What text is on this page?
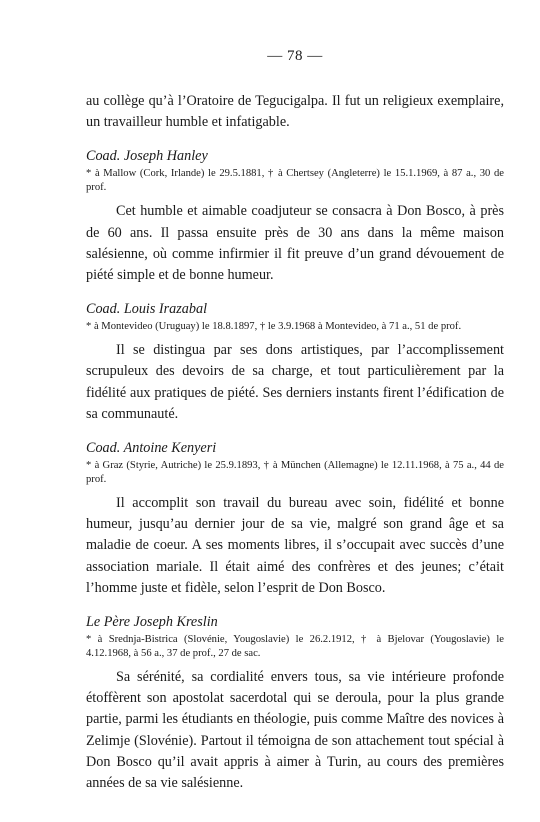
— 78 —

au collège qu’à l’Oratoire de Tegucigalpa. Il fut un religieux exemplaire, un travailleur humble et infatigable.

Coad. Joseph Hanley

* à Mallow (Cork, Irlande) le 29.5.1881, † à Chertsey (Angleterre) le 15.1.1969, à 87 a., 30 de prof.

Cet humble et aimable coadjuteur se consacra à Don Bosco, à près de 60 ans. Il passa ensuite près de 30 ans dans la même maison salésienne, où comme infirmier il fit preuve d’un grand dévouement de piété simple et de bonne humeur.

Coad. Louis Irazabal

* à Montevideo (Uruguay) le 18.8.1897, † le 3.9.1968 à Montevideo, à 71 a., 51 de prof.

Il se distingua par ses dons artistiques, par l’accomplissement scrupuleux des devoirs de sa charge, et tout particulièrement par la fidélité aux pratiques de piété. Ses derniers instants firent l’édification de sa communauté.

Coad. Antoine Kenyeri

* à Graz (Styrie, Autriche) le 25.9.1893, † à München (Allemagne) le 12.11.1968, à 75 a., 44 de prof.

Il accomplit son travail du bureau avec soin, fidélité et bonne humeur, jusqu’au dernier jour de sa vie, malgré son grand âge et sa maladie de coeur. A ses moments libres, il s’occupait avec succès d’une association mariale. Il était aimé des confrères et des jeunes; c’était l’homme juste et fidèle, selon l’esprit de Don Bosco.

Le Père Joseph Kreslin

* à Srednja-Bistrica (Slovénie, Yougoslavie) le 26.2.1912, † à Bjelovar (Yougoslavie) le 4.12.1968, à 56 a., 37 de prof., 27 de sac.

Sa sérénité, sa cordialité envers tous, sa vie intérieure profonde étoffèrent son apostolat sacerdotal qui se deroula, pour la plus grande partie, parmi les étudiants en théologie, puis comme Maître des novices à Zelimje (Slovénie). Partout il témoigna de son attachement tout spécial à Don Bosco qu’il avait appris à aimer à Turin, au cours des premières années de sa vie salésienne.
